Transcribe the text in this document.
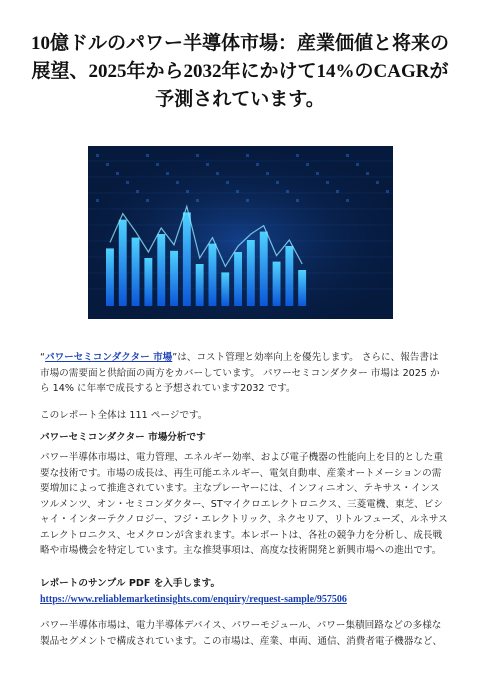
10億ドルのパワー半導体市場：産業価値と将来の展望、2025年から2032年にかけて14%のCAGRが予測されています。

“パワーセミコンダクター 市場”は、コスト管理と効率向上を優先します。 さらに、報告書は市場の需要面と供給面の両方をカバーしています。 パワーセミコンダクター 市場は 2025 から 14% に年率で成長すると予想されています2032 です。

このレポート全体は 111 ページです。

パワーセミコンダクター 市場分析です

パワー半導体市場は、電力管理、エネルギー効率、および電子機器の性能向上を目的とした重要な技術です。市場の成長は、再生可能エネルギー、電気自動車、産業オートメーションの需要増加によって推進されています。主なプレーヤーには、インフィニオン、テキサス・インスツルメンツ、オン・セミコンダクター、STマイクロエレクトロニクス、三菱電機、東芝、ビシャイ・インターテクノロジー、フジ・エレクトリック、ネクセリア、リトルフューズ、ルネサスエレクトロニクス、セメクロンが含まれます。本レポートは、各社の競争力を分析し、成長戦略や市場機会を特定しています。主な推奨事項は、高度な技術開発と新興市場への進出です。

レポートのサンプル PDF を入手します。 https://www.reliablemarketinsights.com/enquiry/request-sample/957506

パワー半導体市場は、電力半導体デバイス、パワーモジュール、パワー集積回路などの多様な製品セグメントで構成されています。この市場は、産業、車両、通信、消費者電子機器など、
